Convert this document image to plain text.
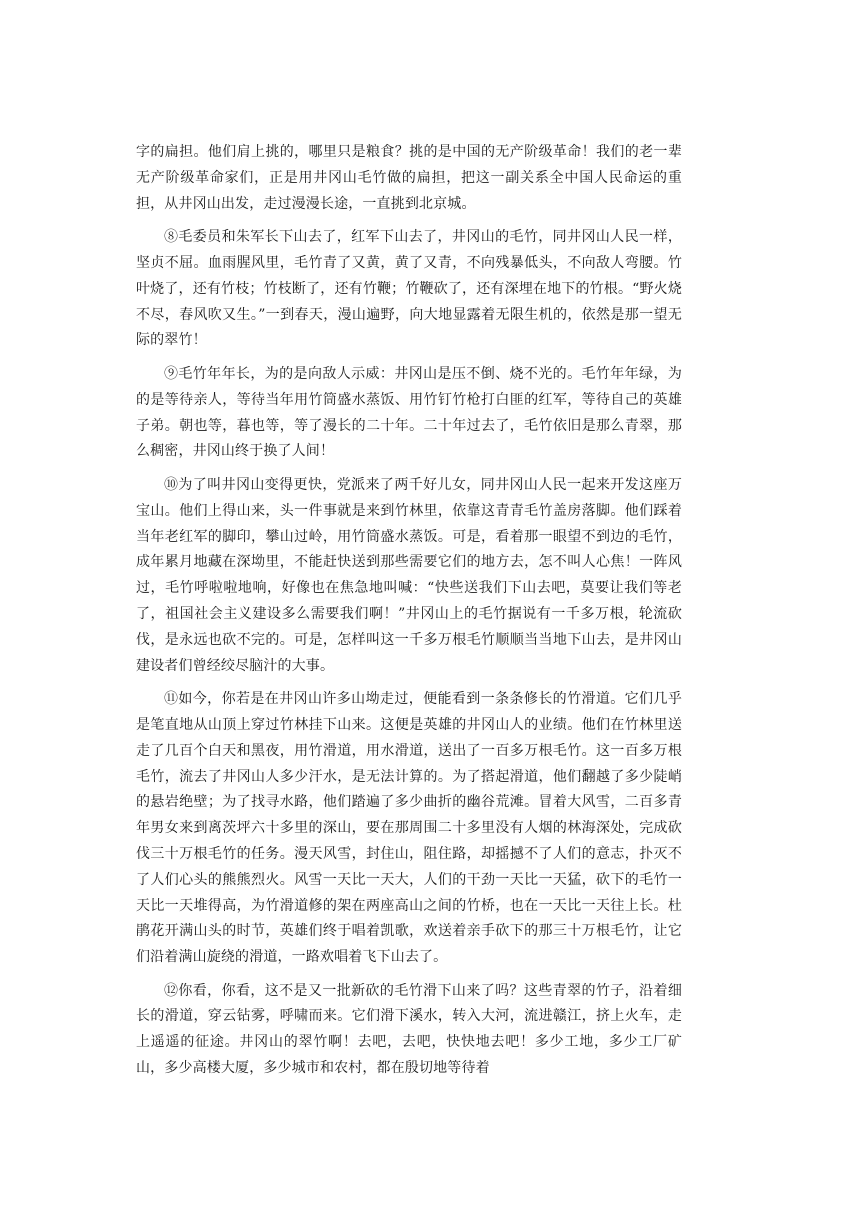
字的扁担。他们肩上挑的，哪里只是粮食？挑的是中国的无产阶级革命！我们的老一辈无产阶级革命家们，正是用井冈山毛竹做的扁担，把这一副关系全中国人民命运的重担，从井冈山出发，走过漫漫长途，一直挑到北京城。

⑧毛委员和朱军长下山去了，红军下山去了，井冈山的毛竹，同井冈山人民一样，坚贞不屈。血雨腥风里，毛竹青了又黄，黄了又青，不向残暴低头，不向敌人弯腰。竹叶烧了，还有竹枝；竹枝断了，还有竹鞭；竹鞭砍了，还有深埋在地下的竹根。“野火烧不尽，春风吹又生。”一到春天，漫山遍野，向大地显露着无限生机的，依然是那一望无际的翠竹！

⑨毛竹年年长，为的是向敌人示威：井冈山是压不倒、烧不光的。毛竹年年绿，为的是等待亲人，等待当年用竹筒盛水蒸饭、用竹钉竹枪打白匪的红军，等待自己的英雄子弟。朝也等，暮也等，等了漫长的二十年。二十年过去了，毛竹依旧是那么青翠，那么稠密，井冈山终于换了人间！

⑩为了叫井冈山变得更快，党派来了两千好儿女，同井冈山人民一起来开发这座万宝山。他们上得山来，头一件事就是来到竹林里，依靠这青青毛竹盖房落脚。他们踩着当年老红军的脚印，攀山过岭，用竹筒盛水蒸饭。可是，看着那一眼望不到边的毛竹，成年累月地藏在深坳里，不能赶快送到那些需要它们的地方去，怎不叫人心焦！一阵风过，毛竹呼啦啦地响，好像也在焦急地叫喊：“快些送我们下山去吧，莫要让我们等老了，祖国社会主义建设多么需要我们啊！”井冈山上的毛竹据说有一千多万根，轮流砍伐，是永远也砍不完的。可是，怎样叫这一千多万根毛竹顺顺当当地下山去，是井冈山建设者们曾经绞尽脑汁的大事。

⑪如今，你若是在井冈山许多山坳走过，便能看到一条条修长的竹滑道。它们几乎是笔直地从山顶上穿过竹林挂下山来。这便是英雄的井冈山人的业绩。他们在竹林里送走了几百个白天和黑夜，用竹滑道，用水滑道，送出了一百多万根毛竹。这一百多万根毛竹，流去了井冈山人多少汗水，是无法计算的。为了搭起滑道，他们翻越了多少陡峭的悬岩绝壁；为了找寻水路，他们踏遍了多少曲折的幽谷荒滩。冒着大风雪，二百多青年男女来到离茨坪六十多里的深山，要在那周围二十多里没有人烟的林海深处，完成砍伐三十万根毛竹的任务。漫天风雪，封住山，阻住路，却摇撼不了人们的意志，扑灭不了人们心头的熊熊烈火。风雪一天比一天大，人们的干劲一天比一天猛，砍下的毛竹一天比一天堆得高，为竹滑道修的架在两座高山之间的竹桥，也在一天比一天往上长。杜鹃花开满山头的时节，英雄们终于唱着凯歌，欢送着亲手砍下的那三十万根毛竹，让它们沿着满山旋绕的滑道，一路欢唱着飞下山去了。

⑫你看，你看，这不是又一批新砍的毛竹滑下山来了吗？这些青翠的竹子，沿着细长的滑道，穿云钻雾，呼啸而来。它们滑下溪水，转入大河，流进赣江，挤上火车，走上遥遥的征途。井冈山的翠竹啊！去吧，去吧，快快地去吧！多少工地，多少工厂矿山，多少高楼大厦，多少城市和农村，都在殷切地等待着
